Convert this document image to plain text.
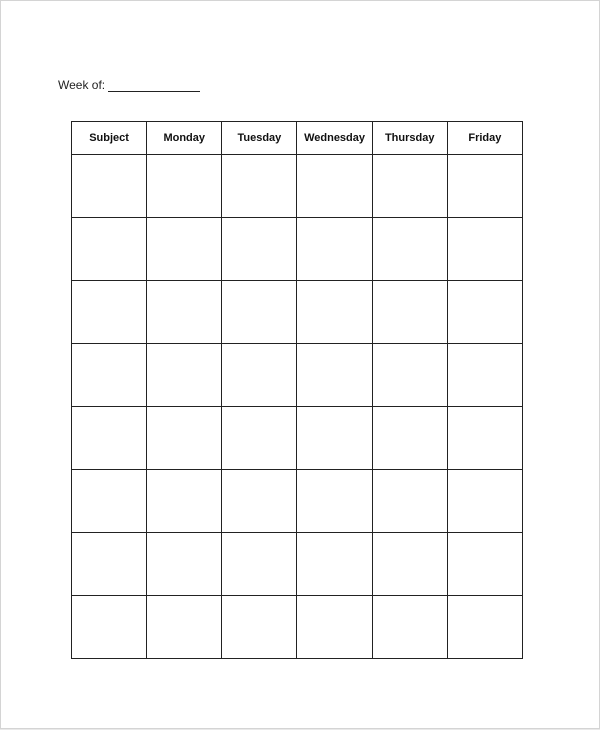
Week of:
Subject	Monday	Tuesday	Wednesday	Thursday	Friday
